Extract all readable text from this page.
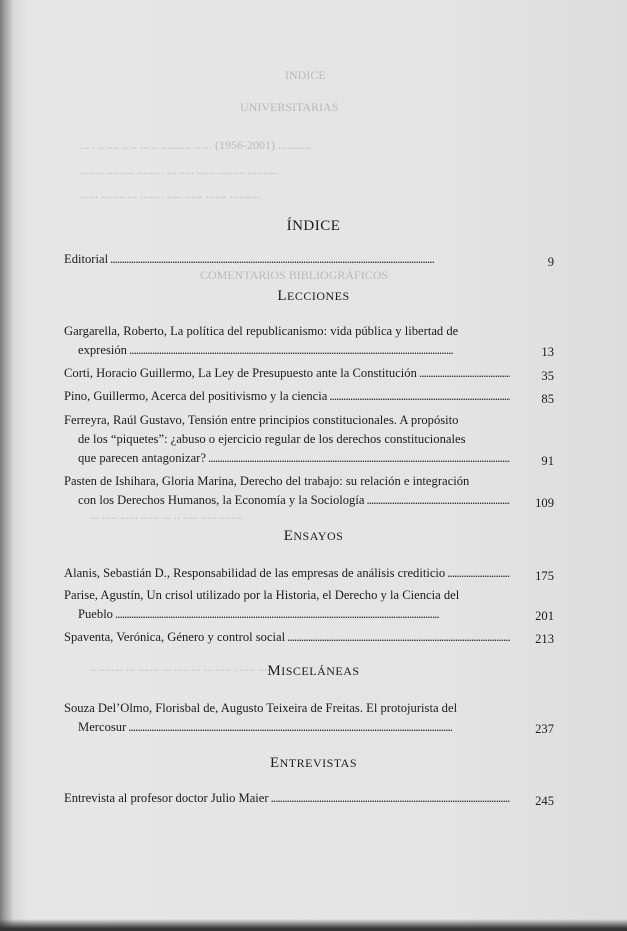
INDICE
UNIVERSITARIAS
... . .. .... .. .. ... .. .......... .. ... (1956-2001) ...........
........ ......... ......... ... ..... ...... ......... ..........
...... ........ ... ........ ..... ...... ....... ..........
COMENTARIOS BIBLIOGRÁFICOS
... ..... ...... ...... ... .. ..... ..... ........
.. ........ ... ....... ... ..... ... ... ..... . ..... ....
ÍNDICE
Editorial . . .	9
LECCIONES
Gargarella, Roberto, La política del republicanismo: vida pública y libertad de
expresión . . .	13
Corti, Horacio Guillermo, La Ley de Presupuesto ante la Constitución . . .	35
Pino, Guillermo, Acerca del positivismo y la ciencia . . .	85
Ferreyra, Raúl Gustavo, Tensión entre principios constitucionales. A propósito
de los “piquetes”: ¿abuso o ejercicio regular de los derechos constitucionales
que parecen antagonizar? . . .	91
Pasten de Ishihara, Gloria Marina, Derecho del trabajo: su relación e integración
con los Derechos Humanos, la Economía y la Sociología . . .	109
ENSAYOS
Alanis, Sebastián D., Responsabilidad de las empresas de análisis crediticio . . .	175
Parise, Agustín, Un crisol utilizado por la Historia, el Derecho y la Ciencia del
Pueblo . . .	201
Spaventa, Verónica, Género y control social . . .	213
MISCELÁNEAS
Souza Del’Olmo, Florisbal de, Augusto Teixeira de Freitas. El protojurista del
Mercosur . . .	237
ENTREVISTAS
Entrevista al profesor doctor Julio Maier . . .	245
